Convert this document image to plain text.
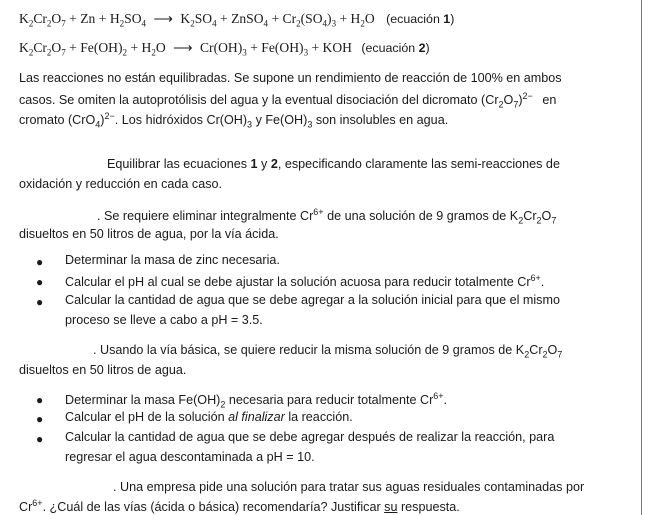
$K_2Cr_2O_7 + Zn + H_2SO_4$ ⟶ $K_2SO_4$ + ZnSO$_4$ + $Cr_2(SO_4)_3 + H_2O$ (ecuación 1)
$K_2Cr_2O_7 + Fe(OH)_2 + H_2O$ ⟶ $Cr(OH)_3 + Fe(OH)_3$ + KOH (ecuación 2)
Las reacciones no están equilibradas. Se supone un rendimiento de reacción de 100% en ambos
casos. Se omiten la autoprotólisis del agua y la eventual disociación del dicromato $(Cr_2O_7)^{2-}$ en
cromato $(CrO_4)^{2-}$. Los hidróxidos $Cr(OH)_3$ y $Fe(OH)_3$ son insolubles en agua.
Equilibrar las ecuaciones 1 y 2, especificando claramente las semi-reacciones de
oxidación y reducción en cada caso.
. Se requiere eliminar integralmente $Cr^{6+}$ de una solución de 9 gramos de $K_2Cr_2O_7$
disueltos en 50 litros de agua, por la vía ácida.
● Determinar la masa de zinc necesaria.
● Calcular el pH al cual se debe ajustar la solución acuosa para reducir totalmente $Cr^{6+}$.
● Calcular la cantidad de agua que se debe agregar a la solución inicial para que el mismo
proceso se lleve a cabo a pH = 3.5.
. Usando la vía básica, se quiere reducir la misma solución de 9 gramos de $K_2Cr_2O_7$
disueltos en 50 litros de agua.
● Determinar la masa $Fe(OH)_2$ necesaria para reducir totalmente $Cr^{6+}$.
● Calcular el pH de la solución al finalizar la reacción.
● Calcular la cantidad de agua que se debe agregar después de realizar la reacción, para
regresar el agua descontaminada a pH = 10.
. Una empresa pide una solución para tratar sus aguas residuales contaminadas por
$Cr^{6+}$. ¿Cuál de las vías (ácida o básica) recomendaría? Justificar su respuesta.
